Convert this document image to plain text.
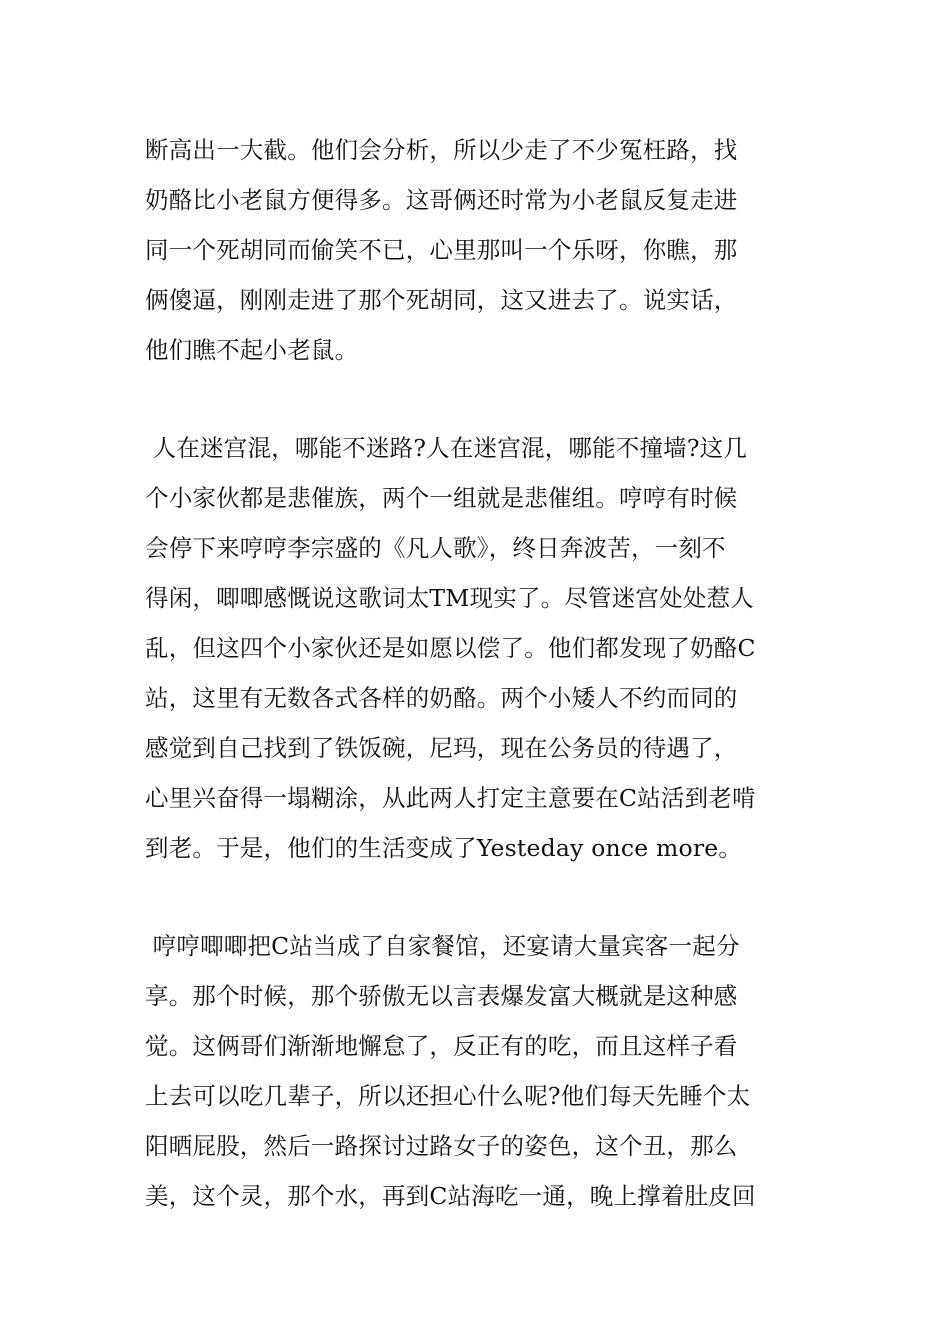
断高出一大截。他们会分析，所以少走了不少冤枉路，找
奶酪比小老鼠方便得多。这哥俩还时常为小老鼠反复走进
同一个死胡同而偷笑不已，心里那叫一个乐呀，你瞧，那
俩傻逼，刚刚走进了那个死胡同，这又进去了。说实话，
他们瞧不起小老鼠。
人在迷宫混，哪能不迷路?人在迷宫混，哪能不撞墙?这几
个小家伙都是悲催族，两个一组就是悲催组。哼哼有时候
会停下来哼哼李宗盛的《凡人歌》，终日奔波苦，一刻不
得闲，唧唧感慨说这歌词太TM现实了。尽管迷宫处处惹人
乱，但这四个小家伙还是如愿以偿了。他们都发现了奶酪C
站，这里有无数各式各样的奶酪。两个小矮人不约而同的
感觉到自己找到了铁饭碗，尼玛，现在公务员的待遇了，
心里兴奋得一塌糊涂，从此两人打定主意要在C站活到老啃
到老。于是，他们的生活变成了Yesteday once more。
哼哼唧唧把C站当成了自家餐馆，还宴请大量宾客一起分
享。那个时候，那个骄傲无以言表爆发富大概就是这种感
觉。这俩哥们渐渐地懈怠了，反正有的吃，而且这样子看
上去可以吃几辈子，所以还担心什么呢?他们每天先睡个太
阳晒屁股，然后一路探讨过路女子的姿色，这个丑，那么
美，这个灵，那个水，再到C站海吃一通，晚上撑着肚皮回
